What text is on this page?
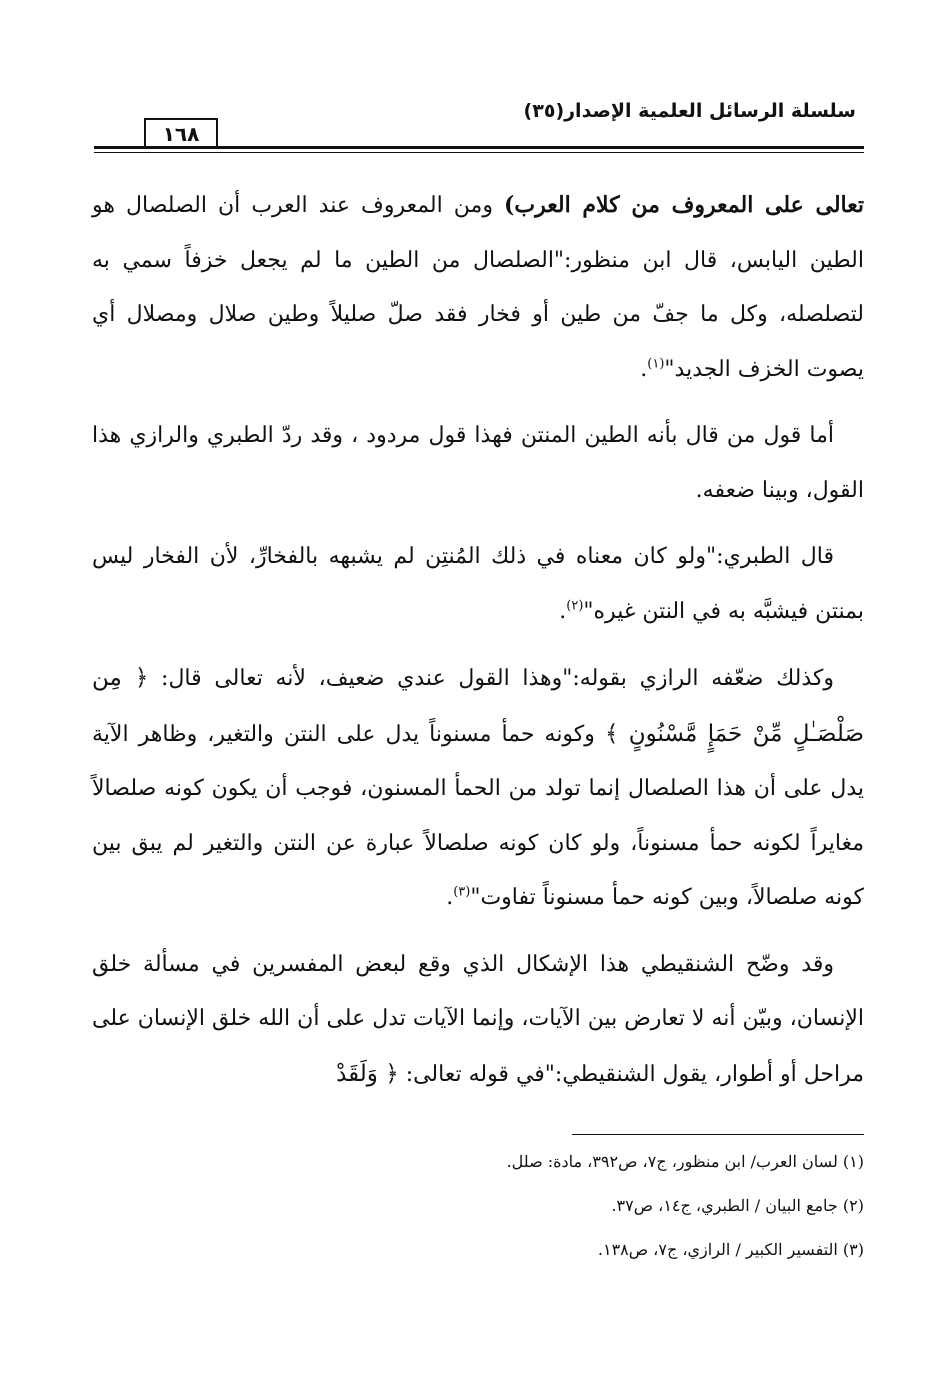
سلسلة الرسائل العلمية الإصدار(٣٥)
١٦٨

تعالى على المعروف من كلام العرب) ومن المعروف عند العرب أن الصلصال هو الطين اليابس، قال ابن منظور:"الصلصال من الطين ما لم يجعل خزفاً سمي به لتصلصله، وكل ما جفّ من طين أو فخار فقد صلّ صليلاً وطين صلال ومصلال أي يصوت الخزف الجديد"$^{(١)}$.

أما قول من قال بأنه الطين المنتن فهذا قول مردود ، وقد ردّ الطبري والرازي هذا القول، وبينا ضعفه.

قال الطبري:"ولو كان معناه في ذلك المُنتِن لم يشبهه بالفخارِّ، لأن الفخار ليس بمنتن فيشبَّه به في النتن غيره"$^{(٢)}$.

وكذلك ضعّفه الرازي بقوله:"وهذا القول عندي ضعيف، لأنه تعالى قال: ﴿ مِن صَلْصَـٰلٍ مِّنْ حَمَإٍ مَّسْنُونٍ ﴾ وكونه حمأ مسنوناً يدل على النتن والتغير، وظاهر الآية يدل على أن هذا الصلصال إنما تولد من الحمأ المسنون، فوجب أن يكون كونه صلصالاً مغايراً لكونه حمأ مسنوناً، ولو كان كونه صلصالاً عبارة عن النتن والتغير لم يبق بين كونه صلصالاً، وبين كونه حمأ مسنوناً تفاوت"$^{(٣)}$.

وقد وضّح الشنقيطي هذا الإشكال الذي وقع لبعض المفسرين في مسألة خلق الإنسان، وبيّن أنه لا تعارض بين الآيات، وإنما الآيات تدل على أن الله خلق الإنسان على مراحل أو أطوار، يقول الشنقيطي:"في قوله تعالى: ﴿ وَلَقَدْ

(١) لسان العرب/ ابن منظور، ج٧، ص٣٩٢، مادة: صلل.
(٢) جامع البيان / الطبري، ج١٤، ص٣٧.
(٣) التفسير الكبير / الرازي، ج٧، ص١٣٨.
